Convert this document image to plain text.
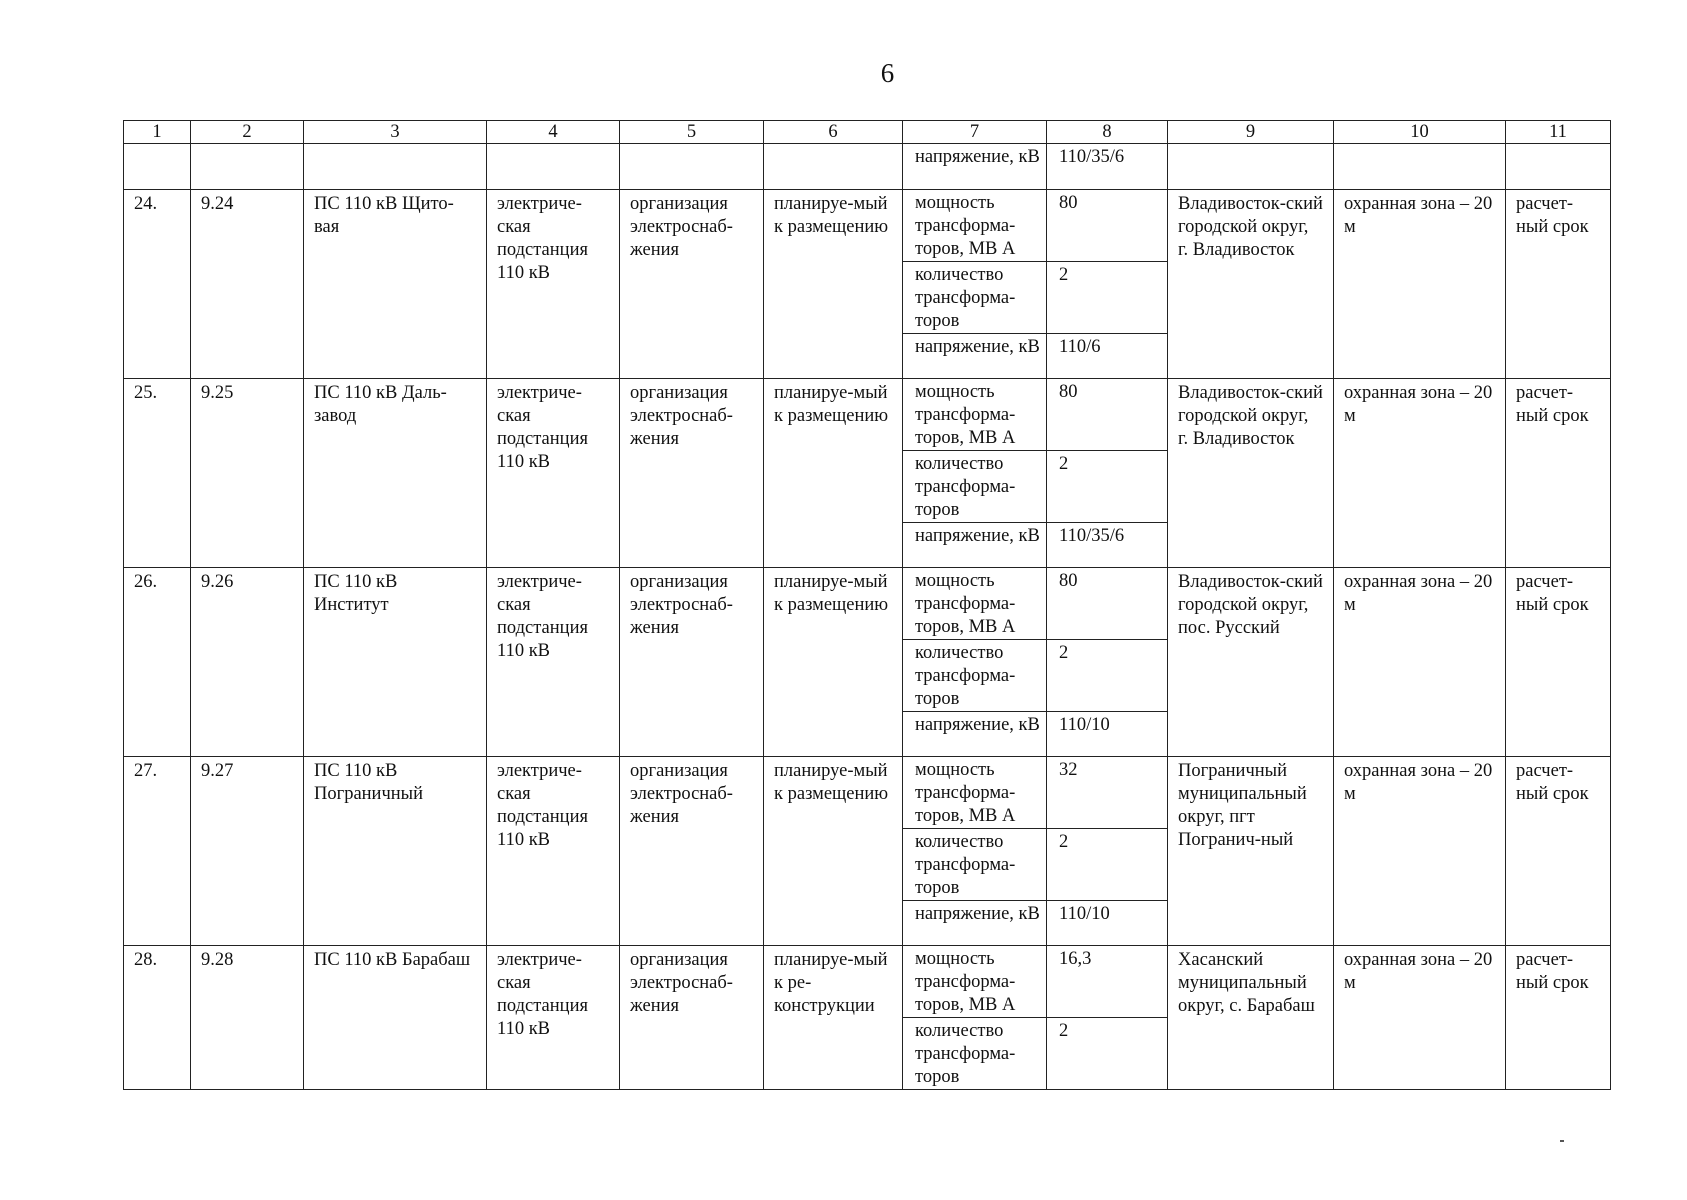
6
1	2	3	4	5	6	7	8	9	10	11
						напряжение, кВ	110/35/6			
24.	9.24	ПС 110 кВ Щито-вая	электриче-ская подстанция 110 кВ	организация электроснаб-жения	планируе-мый к размещению	мощность трансформа-торов, МВ А	80	Владивосток-ский городской округ, г. Владивосток	охранная зона – 20 м	расчет-ный срок
						количество трансформа-торов	2			
						напряжение, кВ	110/6			
25.	9.25	ПС 110 кВ Даль-завод	электриче-ская подстанция 110 кВ	организация электроснаб-жения	планируе-мый к размещению	мощность трансформа-торов, МВ А	80	Владивосток-ский городской округ, г. Владивосток	охранная зона – 20 м	расчет-ный срок
						количество трансформа-торов	2			
						напряжение, кВ	110/35/6			
26.	9.26	ПС 110 кВ Институт	электриче-ская подстанция 110 кВ	организация электроснаб-жения	планируе-мый к размещению	мощность трансформа-торов, МВ А	80	Владивосток-ский городской округ, пос. Русский	охранная зона – 20 м	расчет-ный срок
						количество трансформа-торов	2			
						напряжение, кВ	110/10			
27.	9.27	ПС 110 кВ Пограничный	электриче-ская подстанция 110 кВ	организация электроснаб-жения	планируе-мый к размещению	мощность трансформа-торов, МВ А	32	Пограничный муниципальный округ, пгт Погранич-ный	охранная зона – 20 м	расчет-ный срок
						количество трансформа-торов	2			
						напряжение, кВ	110/10			
28.	9.28	ПС 110 кВ Барабаш	электриче-ская подстанция 110 кВ	организация электроснаб-жения	планируе-мый к ре-конструкции	мощность трансформа-торов, МВ А	16,3	Хасанский муниципальный округ, с. Барабаш	охранная зона – 20 м	расчет-ный срок
						количество трансформа-торов	2			
